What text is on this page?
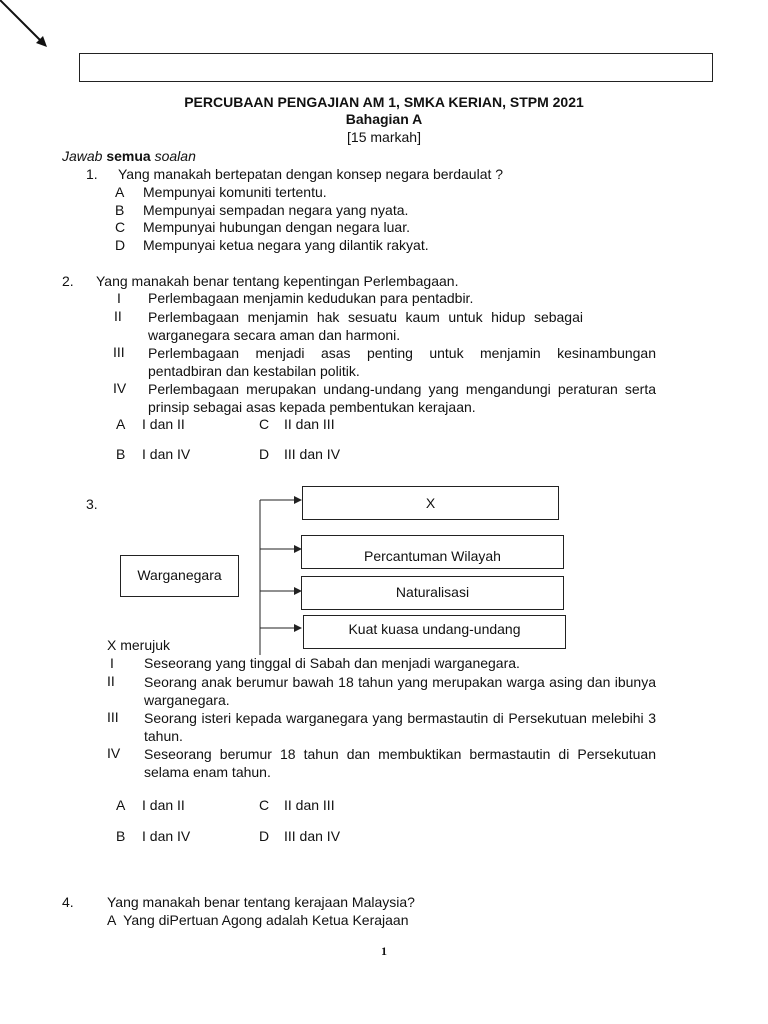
PERCUBAAN PENGAJIAN AM 1, SMKA KERIAN, STPM 2021
Bahagian A
[15 markah]
Jawab semua soalan
1. Yang manakah bertepatan dengan konsep negara berdaulat ?
A Mempunyai komuniti tertentu.
B Mempunyai sempadan negara yang nyata.
C Mempunyai hubungan dengan negara luar.
D Mempunyai ketua negara yang dilantik rakyat.
2. Yang manakah benar tentang kepentingan Perlembagaan.
I Perlembagaan menjamin kedudukan para pentadbir.
II Perlembagaan menjamin hak sesuatu kaum untuk hidup sebagai warganegara secara aman dan harmoni.
III Perlembagaan menjadi asas penting untuk menjamin kesinambungan pentadbiran dan kestabilan politik.
IV Perlembagaan merupakan undang-undang yang mengandungi peraturan serta prinsip sebagai asas kepada pembentukan kerajaan.
A I dan II	C II dan III
B I dan IV	D III dan IV
3.
Warganegara
X
Percantuman Wilayah
Naturalisasi
Kuat kuasa undang-undang
X merujuk
I Seseorang yang tinggal di Sabah dan menjadi warganegara.
II Seorang anak berumur bawah 18 tahun yang merupakan warga asing dan ibunya warganegara.
III Seorang isteri kepada warganegara yang bermastautin di Persekutuan melebihi 3 tahun.
IV Seseorang berumur 18 tahun dan membuktikan bermastautin di Persekutuan selama enam tahun.
A I dan II	C II dan III
B I dan IV	D III dan IV
4. Yang manakah benar tentang kerajaan Malaysia?
A  Yang diPertuan Agong adalah Ketua Kerajaan
1
